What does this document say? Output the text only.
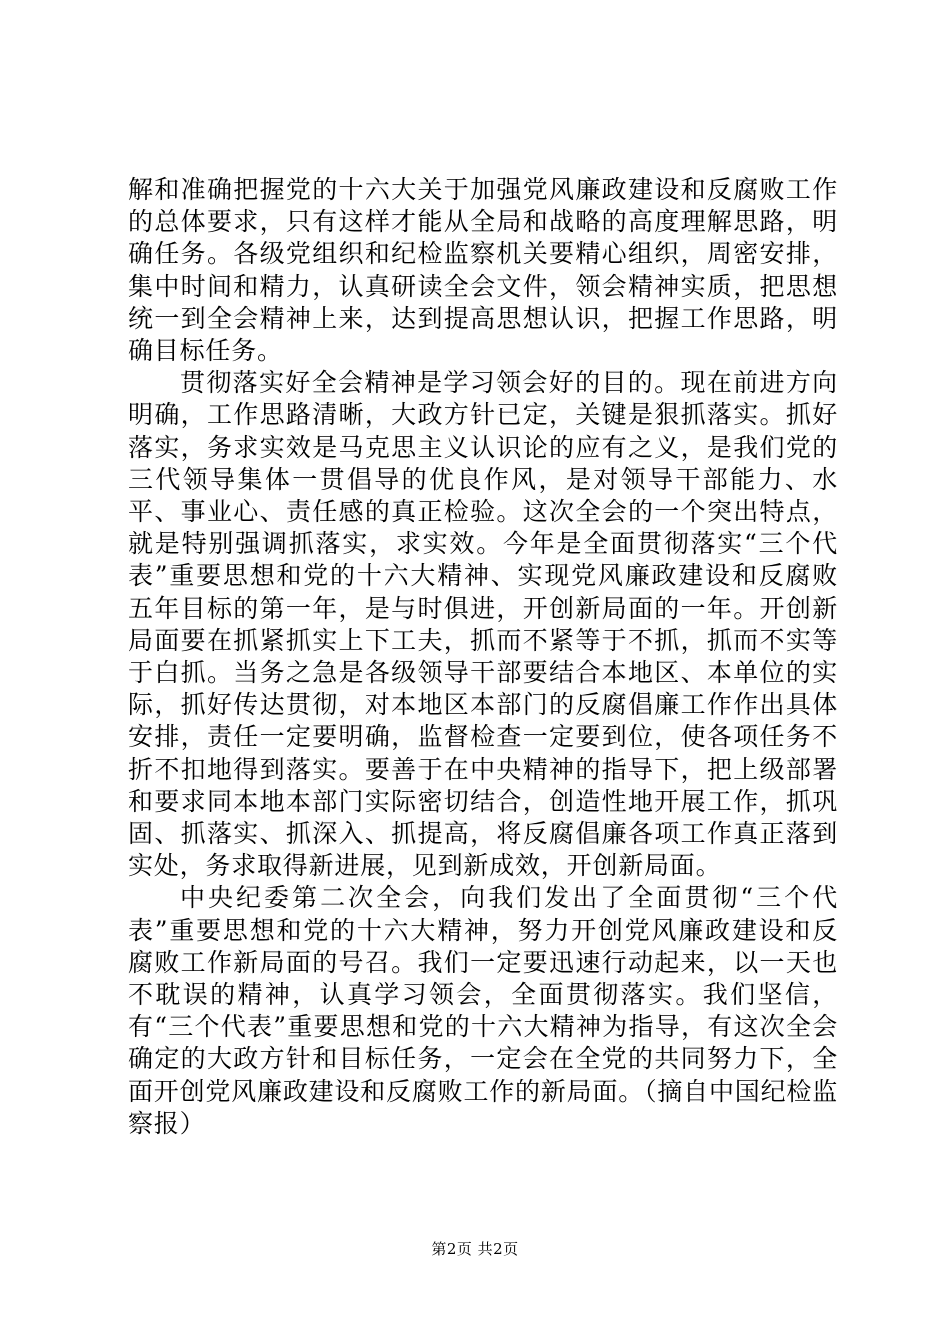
解和准确把握党的十六大关于加强党风廉政建设和反腐败工作的总体要求，只有这样才能从全局和战略的高度理解思路，明确任务。各级党组织和纪检监察机关要精心组织，周密安排，集中时间和精力，认真研读全会文件，领会精神实质，把思想统一到全会精神上来，达到提高思想认识，把握工作思路，明确目标任务。

贯彻落实好全会精神是学习领会好的目的。现在前进方向明确，工作思路清晰，大政方针已定，关键是狠抓落实。抓好落实，务求实效是马克思主义认识论的应有之义，是我们党的三代领导集体一贯倡导的优良作风，是对领导干部能力、水平、事业心、责任感的真正检验。这次全会的一个突出特点，就是特别强调抓落实，求实效。今年是全面贯彻落实“三个代表”重要思想和党的十六大精神、实现党风廉政建设和反腐败五年目标的第一年，是与时俱进，开创新局面的一年。开创新局面要在抓紧抓实上下工夫，抓而不紧等于不抓，抓而不实等于白抓。当务之急是各级领导干部要结合本地区、本单位的实际，抓好传达贯彻，对本地区本部门的反腐倡廉工作作出具体安排，责任一定要明确，监督检查一定要到位，使各项任务不折不扣地得到落实。要善于在中央精神的指导下，把上级部署和要求同本地本部门实际密切结合，创造性地开展工作，抓巩固、抓落实、抓深入、抓提高，将反腐倡廉各项工作真正落到实处，务求取得新进展，见到新成效，开创新局面。

中央纪委第二次全会，向我们发出了全面贯彻“三个代表”重要思想和党的十六大精神，努力开创党风廉政建设和反腐败工作新局面的号召。我们一定要迅速行动起来，以一天也不耽误的精神，认真学习领会，全面贯彻落实。我们坚信，有“三个代表”重要思想和党的十六大精神为指导，有这次全会确定的大政方针和目标任务，一定会在全党的共同努力下，全面开创党风廉政建设和反腐败工作的新局面。（摘自中国纪检监察报）

第2页 共2页
